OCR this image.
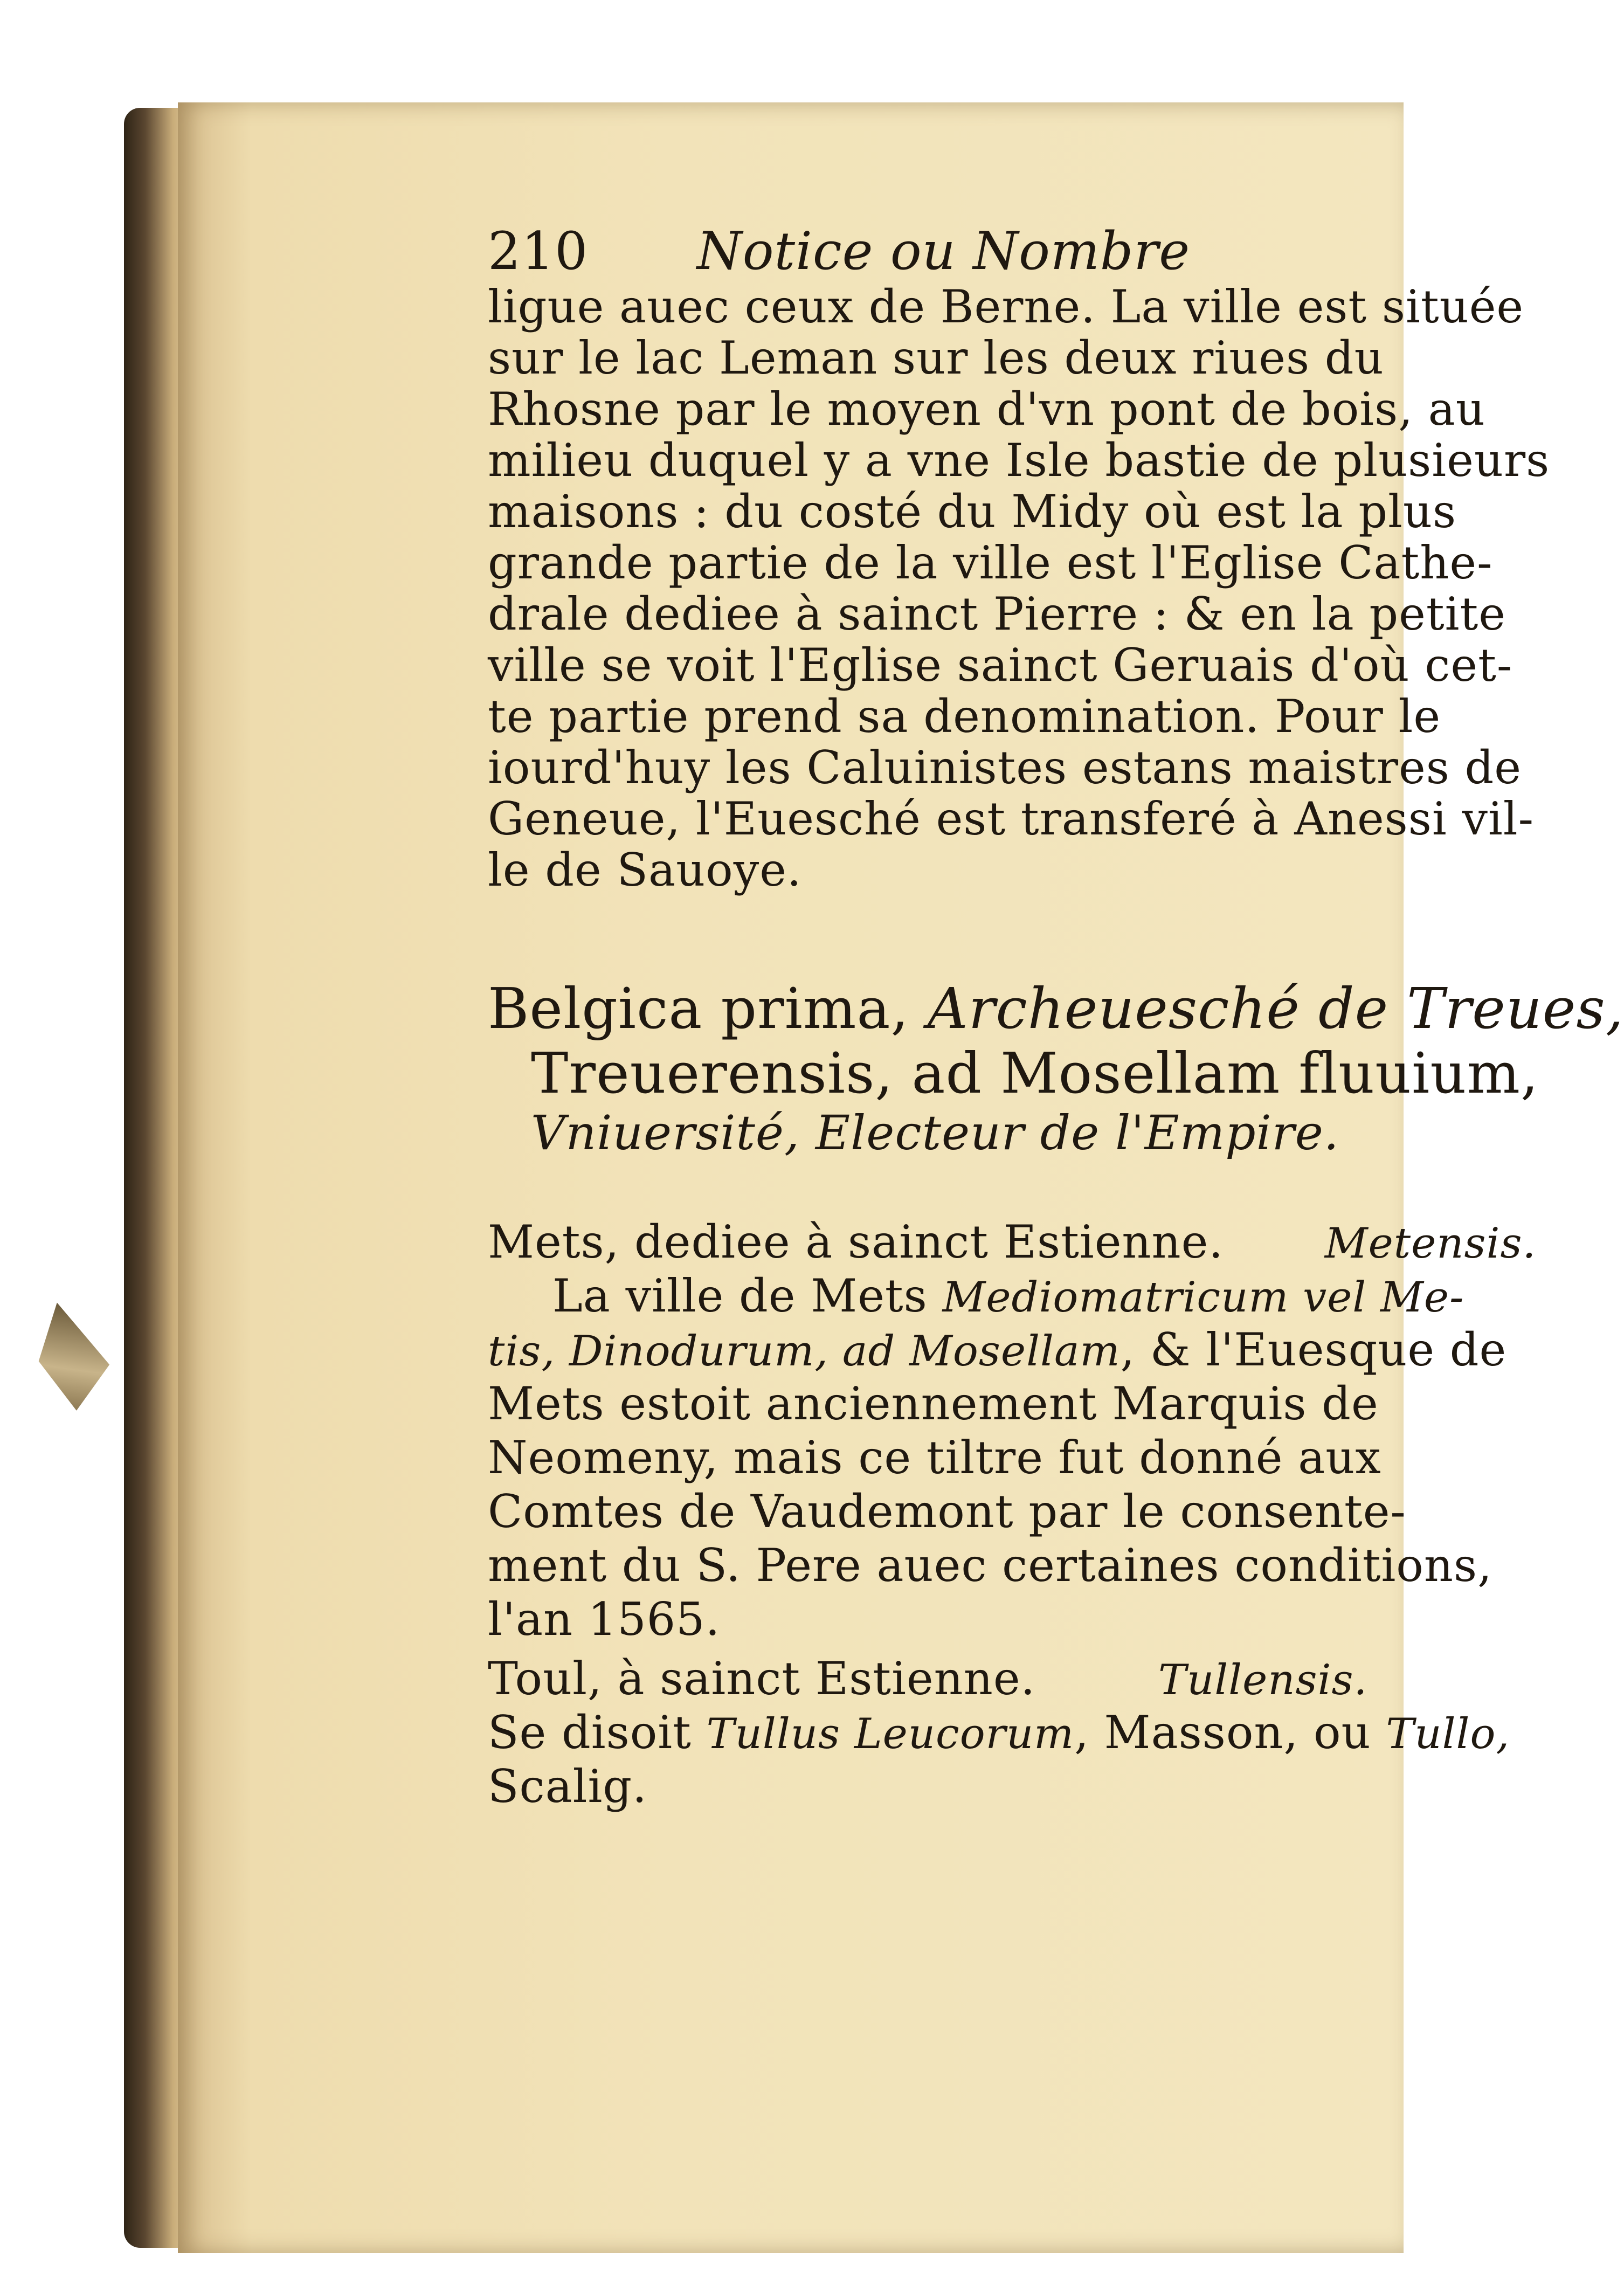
210 Notice ou Nombre
ligue auec ceux de Berne. La ville est située
sur le lac Leman sur les deux riues du
Rhosne par le moyen d'vn pont de bois, au
milieu duquel y a vne Isle bastie de plusieurs
maisons : du costé du Midy où est la plus
grande partie de la ville est l'Eglise Cathe-
drale dediee à sainct Pierre : & en la petite
ville se voit l'Eglise sainct Geruais d'où cet-
te partie prend sa denomination. Pour le
iourd'huy les Caluinistes estans maistres de
Geneue, l'Euesché est transferé à Anessi vil-
le de Sauoye.
Belgica prima, Archeuesché de Treues,
Treuerensis, ad Mosellam fluuium,
Vniuersité, Electeur de l'Empire.
Mets, dediee à sainct Estienne. Metensis.
La ville de Mets Mediomatricum vel Me-
tis, Dinodurum, ad Mosellam, & l'Euesque de
Mets estoit anciennement Marquis de
Neomeny, mais ce tiltre fut donné aux
Comtes de Vaudemont par le consente-
ment du S. Pere auec certaines conditions,
l'an 1565.
Toul, à sainct Estienne.	Tullensis.
Se disoit Tullus Leucorum, Masson, ou Tullo,
Scalig.
